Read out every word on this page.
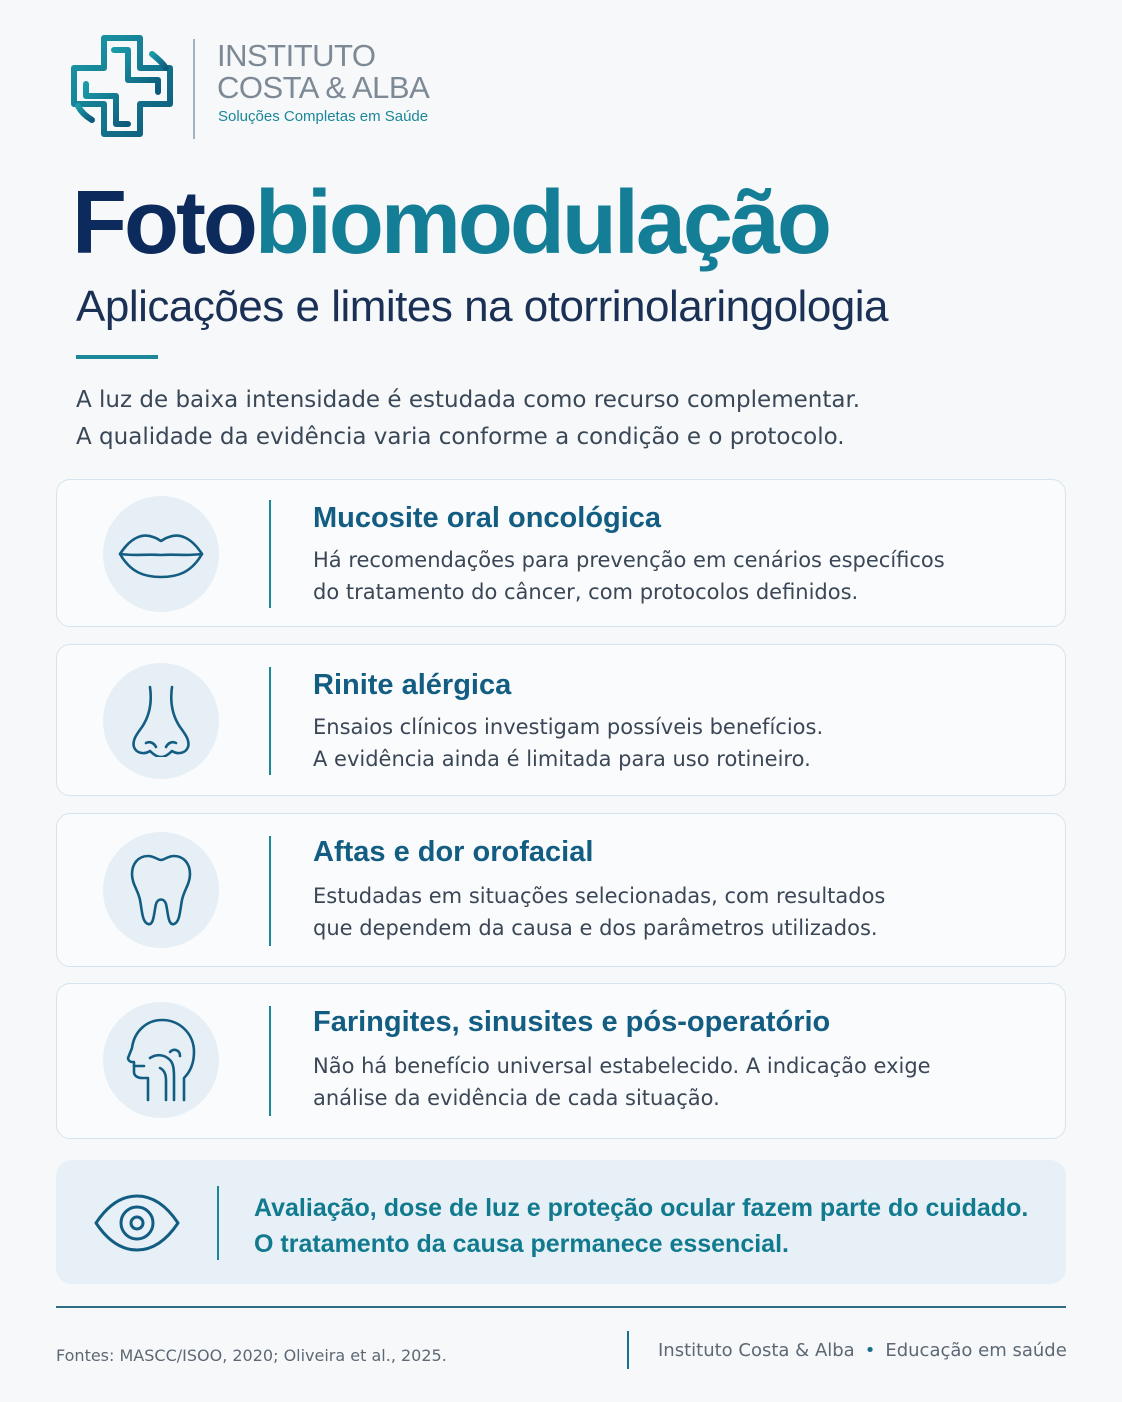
INSTITUTO
COSTA & ALBA
Soluções Completas em Saúde
Fotobiomodulação
Aplicações e limites na otorrinolaringologia

A luz de baixa intensidade é estudada como recurso complementar.

A qualidade da evidência varia conforme a condição e o protocolo.

Mucosite oral oncológica
Há recomendações para prevenção em cenários específicos
do tratamento do câncer, com protocolos definidos.
Rinite alérgica
Ensaios clínicos investigam possíveis benefícios.
A evidência ainda é limitada para uso rotineiro.
Aftas e dor orofacial
Estudadas em situações selecionadas, com resultados
que dependem da causa e dos parâmetros utilizados.
Faringites, sinusites e pós-operatório
Não há benefício universal estabelecido. A indicação exige
análise da evidência de cada situação.
Avaliação, dose de luz e proteção ocular fazem parte do cuidado.
O tratamento da causa permanece essencial.
Fontes: MASCC/ISOO, 2020; Oliveira et al., 2025.	Instituto Costa & Alba • Educação em saúde
